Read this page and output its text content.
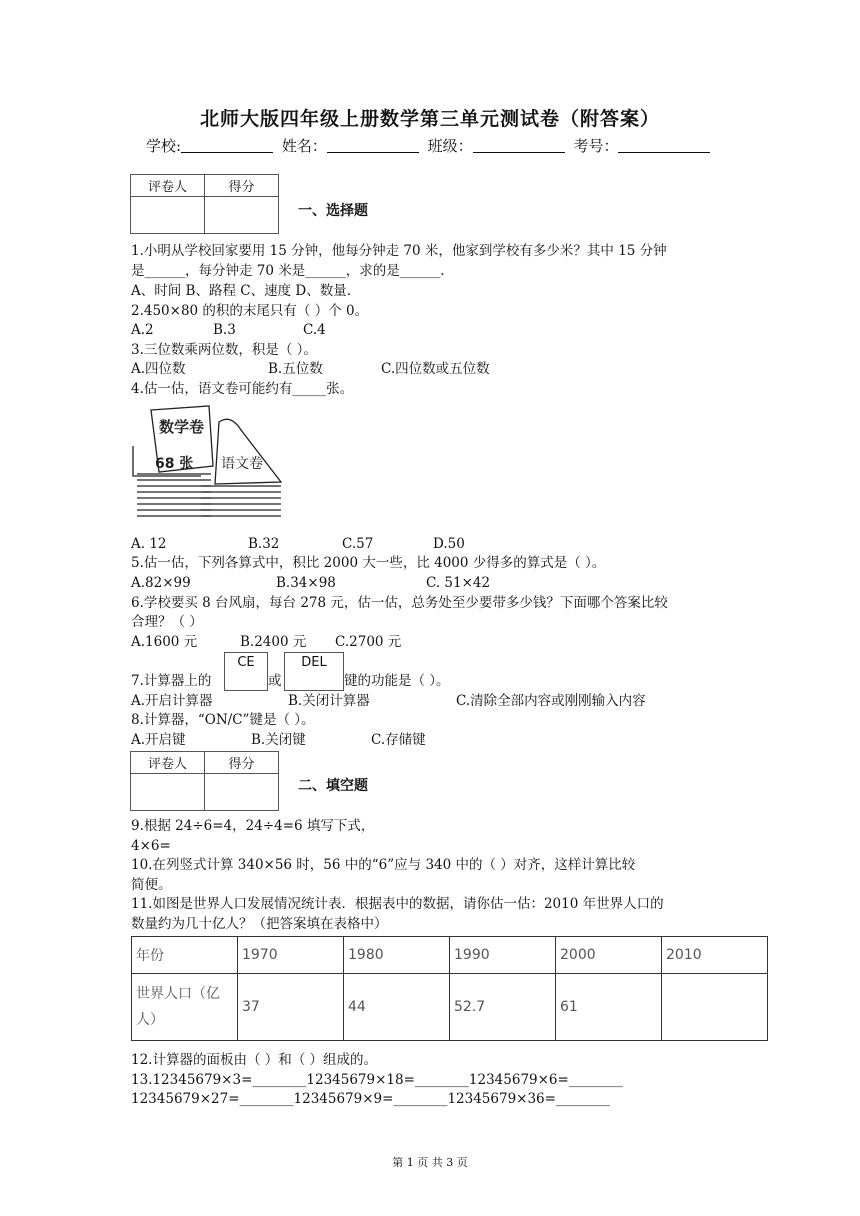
北师大版四年级上册数学第三单元测试卷（附答案）
学校:	姓名：	班级：	考号：
评卷人	得分

一、选择题
1.小明从学校回家要用 15 分钟，他每分钟走 70 米，他家到学校有多少米？其中 15 分钟
是______，每分钟走 70 米是______，求的是______.
A、时间 B、路程 C、速度 D、数量.
2.450×80 的积的末尾只有（ ）个 0。
A.2	B.3	C.4
3.三位数乘两位数，积是（ ）。
A.四位数	B.五位数	C.四位数或五位数
4.估一估，语文卷可能约有_____张。
数学卷
68 张 语文卷
A. 12	B.32	C.57	D.50
5.估一估，下列各算式中，积比 2000 大一些，比 4000 少得多的算式是（ ）。
A.82×99	B.34×98	C. 51×42
6.学校要买 8 台风扇，每台 278 元，估一估，总务处至少要带多少钱？下面哪个答案比较
合理？（ ）
A.1600 元	B.2400 元 C.2700 元
7.计算器上的
CE
或
DEL
键的功能是（ ）。
A.开启计算器	B.关闭计算器	C.清除全部内容或刚刚输入内容
8.计算器，“ON/C”键是（ ）。
A.开启键	B.关闭键	C.存储键
评卷人	得分

二、填空题
9.根据 24÷6=4，24÷4=6 填写下式，
4×6=
10.在列竖式计算 340×56 时，56 中的“6”应与 340 中的（ ）对齐，这样计算比较
简便。
11.如图是世界人口发展情况统计表．根据表中的数据，请你估一估：2010 年世界人口的
数量约为几十亿人？（把答案填在表格中）
年份	1970	1980	1990	2000	2010
世界人口（亿人）	37	44	52.7	61	
12.计算器的面板由（ ）和（ ）组成的。
13.12345679×3=________12345679×18=________12345679×6=________
12345679×27=________12345679×9=________12345679×36=________
第 1 页 共 3 页
